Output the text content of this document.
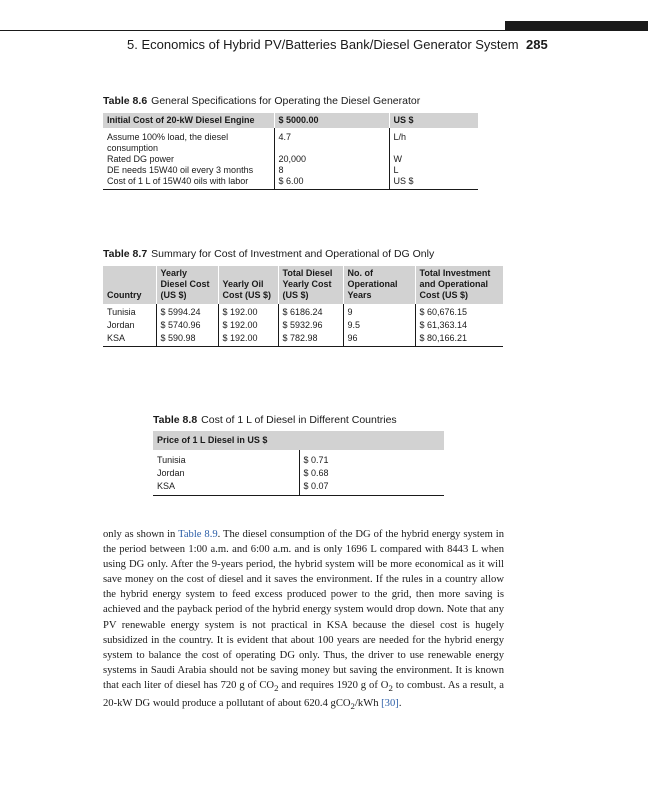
5. Economics of Hybrid PV/Batteries Bank/Diesel Generator System 285
Table 8.6 General Specifications for Operating the Diesel Generator
Initial Cost of 20-kW Diesel Engine	$ 5000.00	US $
Assume 100% load, the diesel consumption	4.7	L/h
Rated DG power	20,000	W
DE needs 15W40 oil every 3 months	8	L
Cost of 1 L of 15W40 oils with labor	$ 6.00	US $
Table 8.7 Summary for Cost of Investment and Operational of DG Only
Country	Yearly Diesel Cost (US $)	Yearly Oil Cost (US $)	Total Diesel Yearly Cost (US $)	No. of Operational Years	Total Investment and Operational Cost (US $)
Tunisia	$ 5994.24	$ 192.00	$ 6186.24	9	$ 60,676.15
Jordan	$ 5740.96	$ 192.00	$ 5932.96	9.5	$ 61,363.14
KSA	$ 590.98	$ 192.00	$ 782.98	96	$ 80,166.21
Table 8.8 Cost of 1 L of Diesel in Different Countries
Price of 1 L Diesel in US $	
Tunisia	$ 0.71
Jordan	$ 0.68
KSA	$ 0.07
only as shown in Table 8.9. The diesel consumption of the DG of the hybrid energy system in the period between 1:00 a.m. and 6:00 a.m. and is only 1696 L compared with 8443 L when using DG only. After the 9-years period, the hybrid system will be more economical as it will save money on the cost of diesel and it saves the environment. If the rules in a country allow the hybrid energy system to feed excess produced power to the grid, then more saving is achieved and the payback period of the hybrid energy system would drop down. Note that any PV renewable energy system is not practical in KSA because the diesel cost is hugely subsidized in the country. It is evident that about 100 years are needed for the hybrid energy system to balance the cost of operating DG only. Thus, the driver to use renewable energy systems in Saudi Arabia should not be saving money but saving the environment. It is known that each liter of diesel has 720 g of $CO_2$ and requires 1920 g of $O_2$ to combust. As a result, a 20-kW DG would produce a pollutant of about 620.4 gCO$_2$/kWh [30].
